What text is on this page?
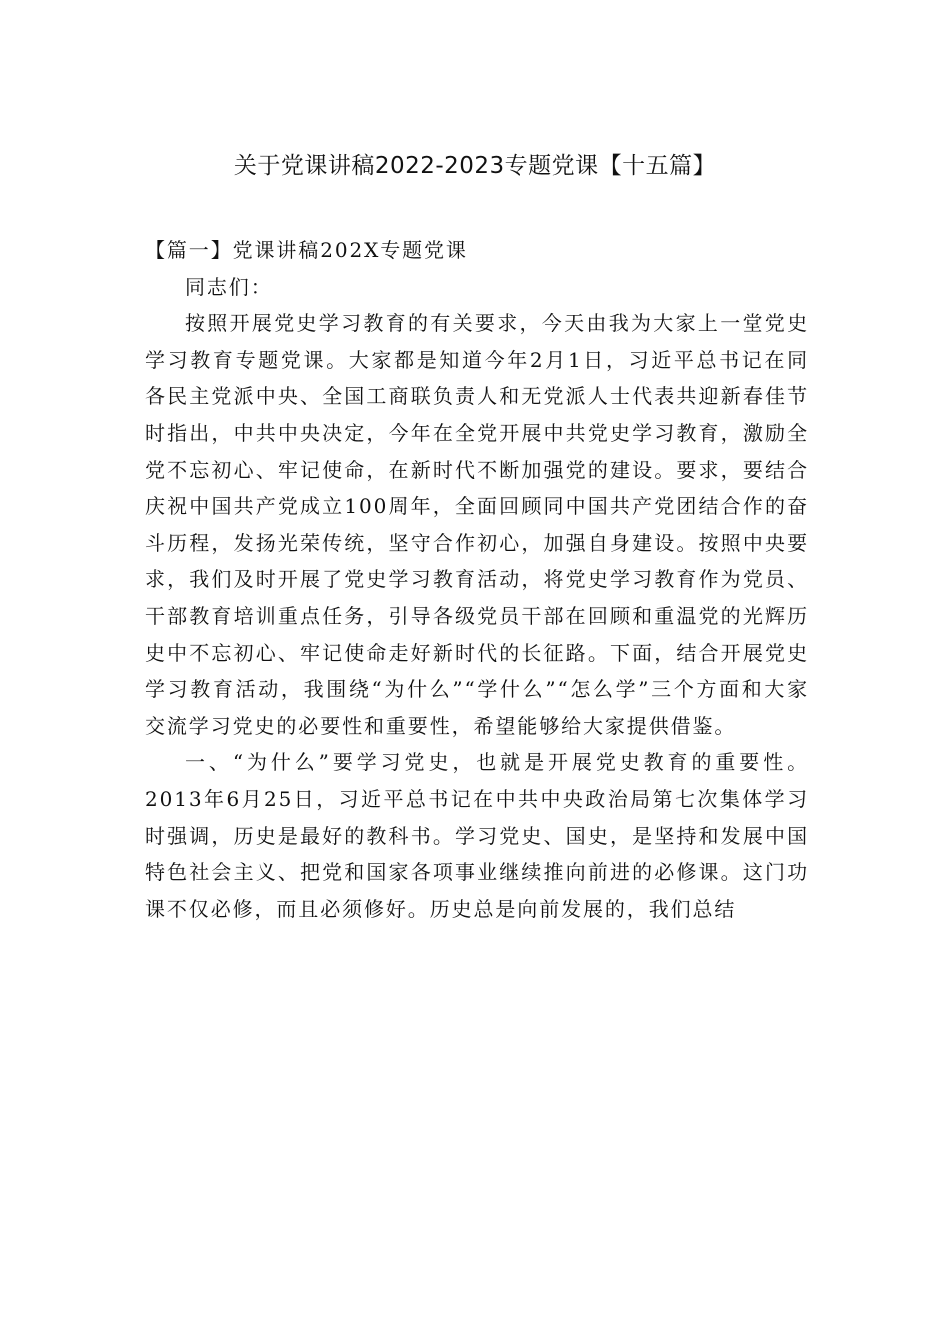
关于党课讲稿2022-2023专题党课【十五篇】

【篇一】党课讲稿202X专题党课

同志们：

按照开展党史学习教育的有关要求，今天由我为大家上一堂党史学习教育专题党课。大家都是知道今年2月1日，习近平总书记在同各民主党派中央、全国工商联负责人和无党派人士代表共迎新春佳节时指出，中共中央决定，今年在全党开展中共党史学习教育，激励全党不忘初心、牢记使命，在新时代不断加强党的建设。要求，要结合庆祝中国共产党成立100周年，全面回顾同中国共产党团结合作的奋斗历程，发扬光荣传统，坚守合作初心，加强自身建设。按照中央要求，我们及时开展了党史学习教育活动，将党史学习教育作为党员、干部教育培训重点任务，引导各级党员干部在回顾和重温党的光辉历史中不忘初心、牢记使命走好新时代的长征路。下面，结合开展党史学习教育活动，我围绕“为什么”“学什么”“怎么学”三个方面和大家交流学习党史的必要性和重要性，希望能够给大家提供借鉴。

一、“为什么”要学习党史，也就是开展党史教育的重要性。2013年6月25日，习近平总书记在中共中央政治局第七次集体学习时强调，历史是最好的教科书。学习党史、国史，是坚持和发展中国特色社会主义、把党和国家各项事业继续推向前进的必修课。这门功课不仅必修，而且必须修好。历史总是向前发展的，我们总结
